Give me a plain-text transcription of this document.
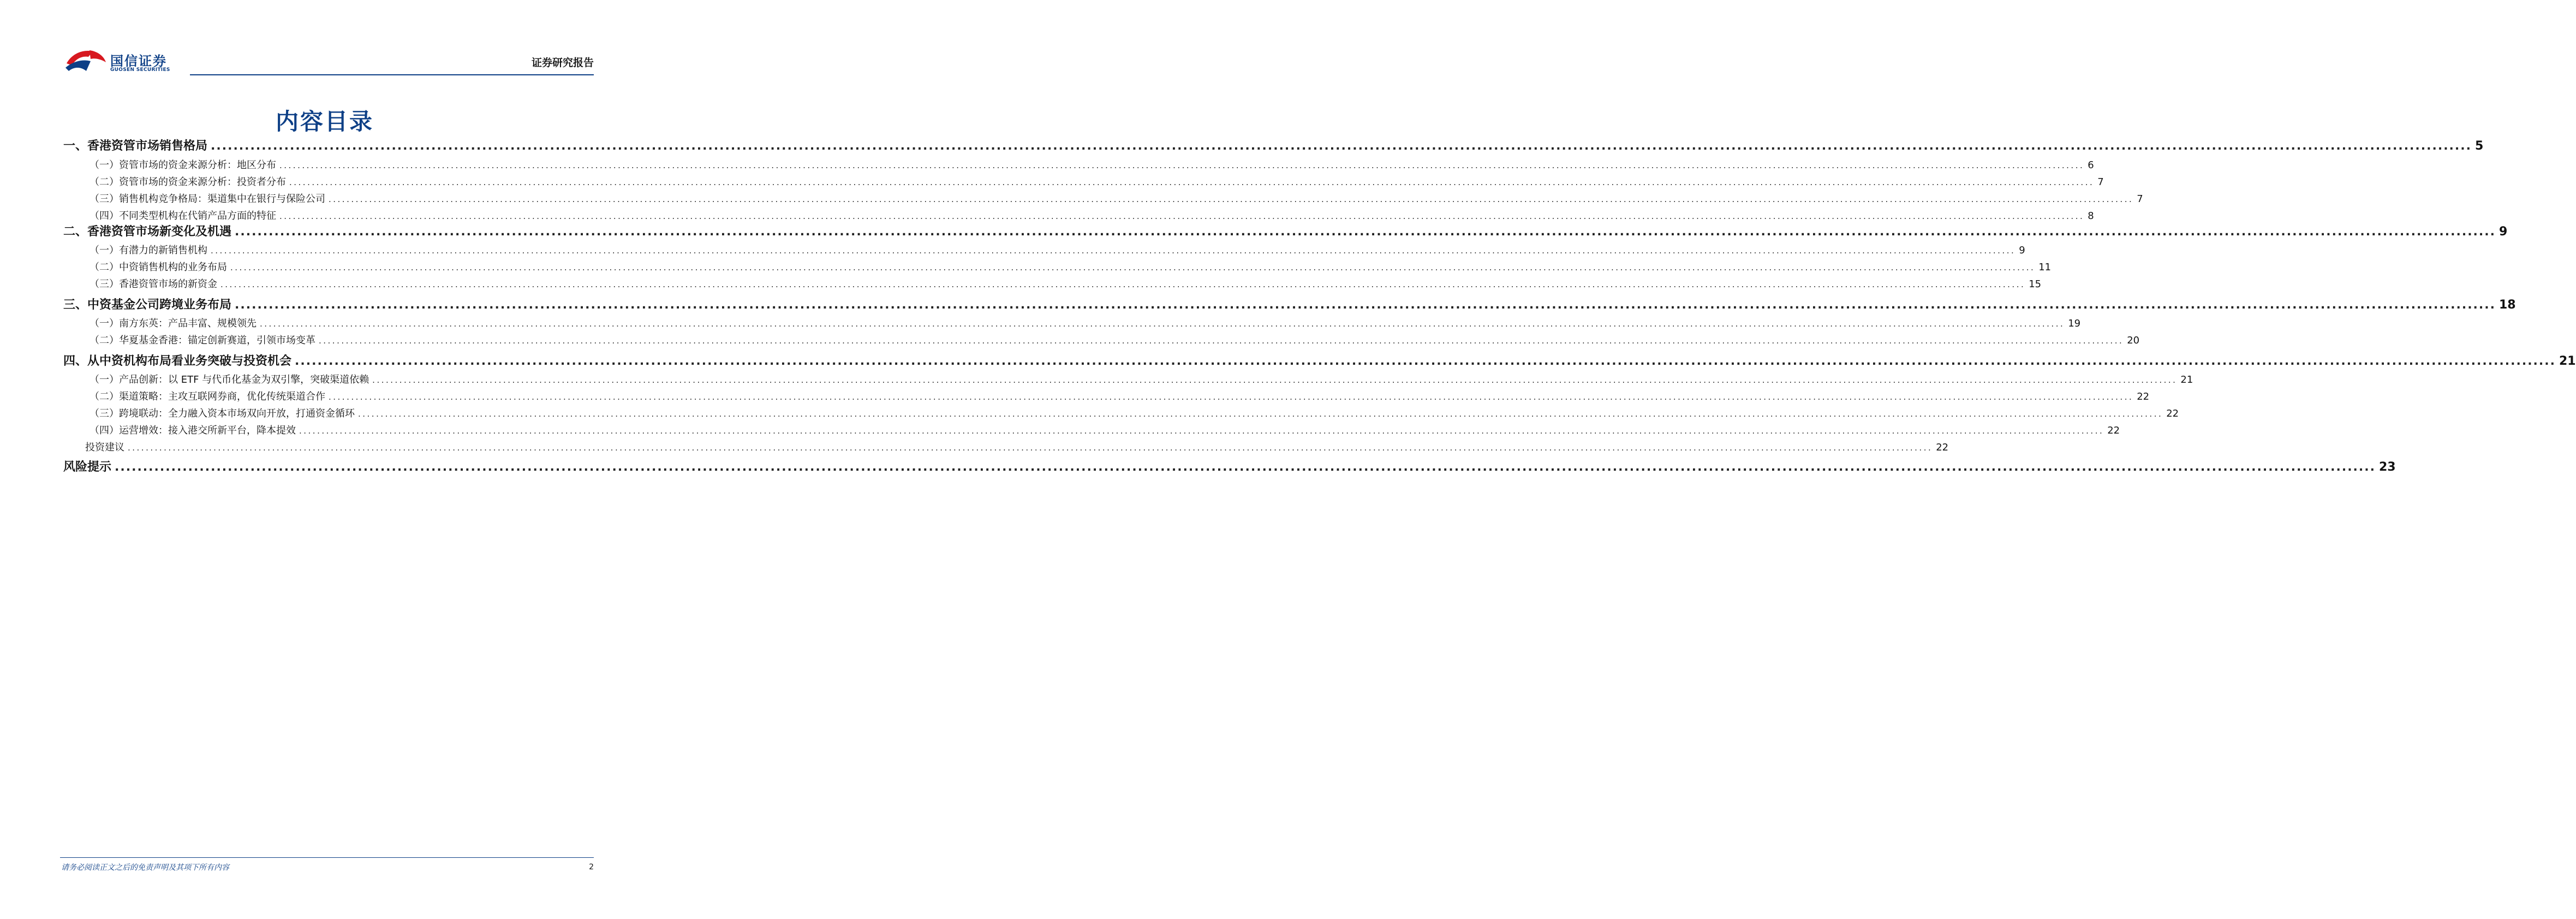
国信证券
GUOSEN SECURITIES
证券研究报告
内容目录
一、香港资管市场销售格局 ................................................................................................................................................................................................................................................................................................................................................................................................................ 5
（一）资管市场的资金来源分析：地区分布 ................................................................................................................................................................................................................................................................................................................................................................................................................ 6
（二）资管市场的资金来源分析：投资者分布 ................................................................................................................................................................................................................................................................................................................................................................................................................ 7
（三）销售机构竞争格局：渠道集中在银行与保险公司 ................................................................................................................................................................................................................................................................................................................................................................................................................ 7
（四）不同类型机构在代销产品方面的特征 ................................................................................................................................................................................................................................................................................................................................................................................................................ 8
二、香港资管市场新变化及机遇 ................................................................................................................................................................................................................................................................................................................................................................................................................ 9
（一）有潜力的新销售机构 ................................................................................................................................................................................................................................................................................................................................................................................................................ 9
（二）中资销售机构的业务布局 ................................................................................................................................................................................................................................................................................................................................................................................................................ 11
（三）香港资管市场的新资金 ................................................................................................................................................................................................................................................................................................................................................................................................................ 15
三、中资基金公司跨境业务布局 ................................................................................................................................................................................................................................................................................................................................................................................................................ 18
（一）南方东英：产品丰富、规模领先 ................................................................................................................................................................................................................................................................................................................................................................................................................ 19
（二）华夏基金香港：锚定创新赛道，引领市场变革 ................................................................................................................................................................................................................................................................................................................................................................................................................ 20
四、从中资机构布局看业务突破与投资机会 ................................................................................................................................................................................................................................................................................................................................................................................................................ 21
（一）产品创新：以 ETF 与代币化基金为双引擎，突破渠道依赖 ................................................................................................................................................................................................................................................................................................................................................................................................................ 21
（二）渠道策略：主攻互联网券商，优化传统渠道合作 ................................................................................................................................................................................................................................................................................................................................................................................................................ 22
（三）跨境联动：全力融入资本市场双向开放，打通资金循环 ................................................................................................................................................................................................................................................................................................................................................................................................................ 22
（四）运营增效：接入港交所新平台，降本提效 ................................................................................................................................................................................................................................................................................................................................................................................................................ 22
投资建议 ................................................................................................................................................................................................................................................................................................................................................................................................................ 22
风险提示 ................................................................................................................................................................................................................................................................................................................................................................................................................ 23
请务必阅读正文之后的免责声明及其项下所有内容	2
